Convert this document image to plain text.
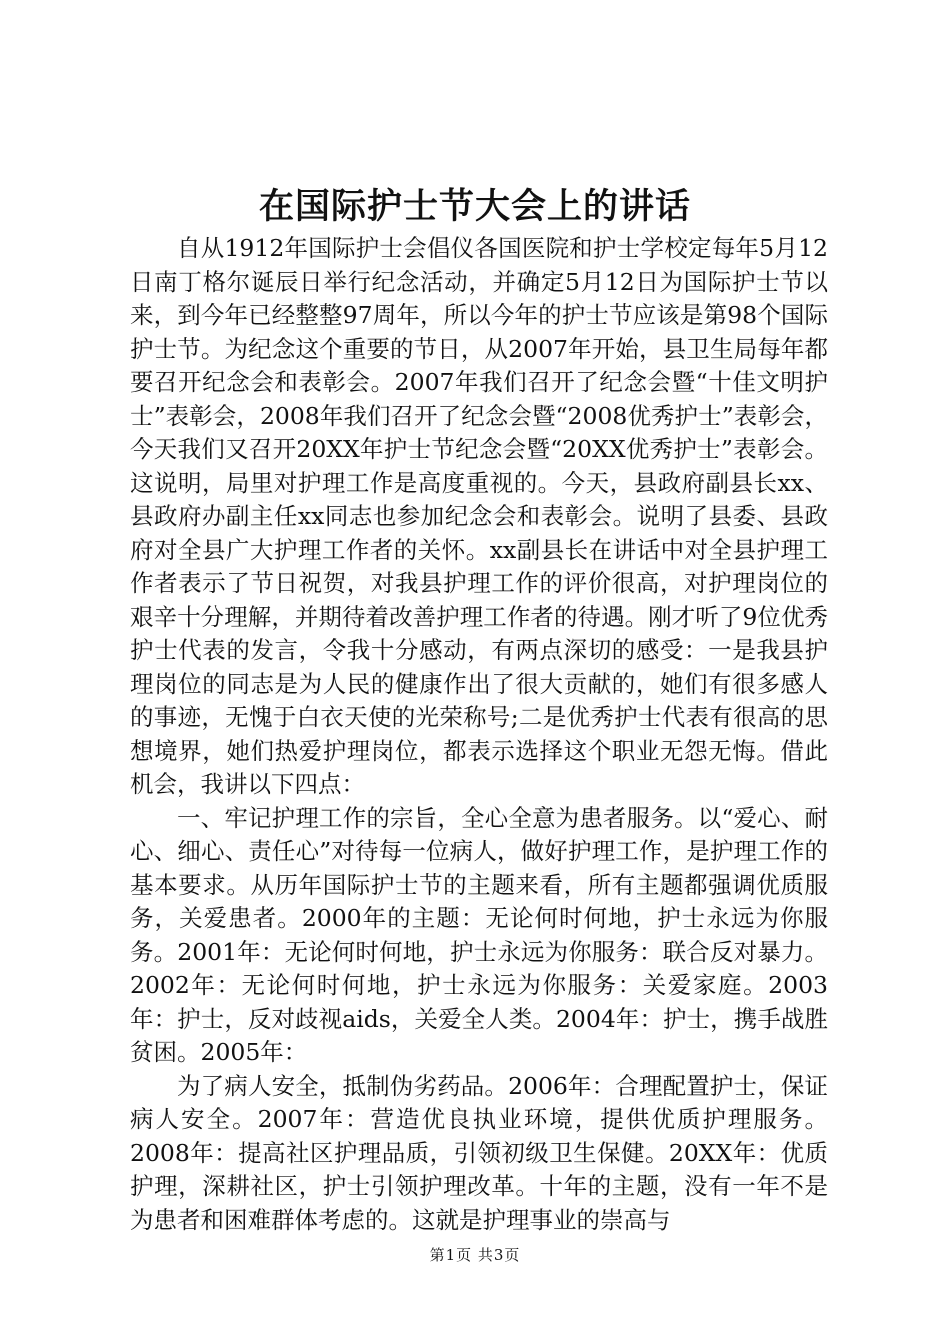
在国际护士节大会上的讲话

自从1912年国际护士会倡仪各国医院和护士学校定每年5月12日南丁格尔诞辰日举行纪念活动，并确定5月12日为国际护士节以来，到今年已经整整97周年，所以今年的护士节应该是第98个国际护士节。为纪念这个重要的节日，从2007年开始，县卫生局每年都要召开纪念会和表彰会。2007年我们召开了纪念会暨“十佳文明护士”表彰会，2008年我们召开了纪念会暨“2008优秀护士”表彰会，今天我们又召开20XX年护士节纪念会暨“20XX优秀护士”表彰会。这说明，局里对护理工作是高度重视的。今天，县政府副县长xx、县政府办副主任xx同志也参加纪念会和表彰会。说明了县委、县政府对全县广大护理工作者的关怀。xx副县长在讲话中对全县护理工作者表示了节日祝贺，对我县护理工作的评价很高，对护理岗位的艰辛十分理解，并期待着改善护理工作者的待遇。刚才听了9位优秀护士代表的发言，令我十分感动，有两点深切的感受：一是我县护理岗位的同志是为人民的健康作出了很大贡献的，她们有很多感人的事迹，无愧于白衣天使的光荣称号;二是优秀护士代表有很高的思想境界，她们热爱护理岗位，都表示选择这个职业无怨无悔。借此机会，我讲以下四点：

一、牢记护理工作的宗旨，全心全意为患者服务。以“爱心、耐心、细心、责任心”对待每一位病人，做好护理工作，是护理工作的基本要求。从历年国际护士节的主题来看，所有主题都强调优质服务，关爱患者。2000年的主题：无论何时何地，护士永远为你服务。2001年：无论何时何地，护士永远为你服务：联合反对暴力。2002年：无论何时何地，护士永远为你服务：关爱家庭。2003年：护士，反对歧视aids，关爱全人类。2004年：护士，携手战胜贫困。2005年：

为了病人安全，抵制伪劣药品。2006年：合理配置护士，保证病人安全。2007年：营造优良执业环境，提供优质护理服务。2008年：提高社区护理品质，引领初级卫生保健。20XX年：优质护理，深耕社区，护士引领护理改革。十年的主题，没有一年不是为患者和困难群体考虑的。这就是护理事业的崇高与

第1页 共3页
